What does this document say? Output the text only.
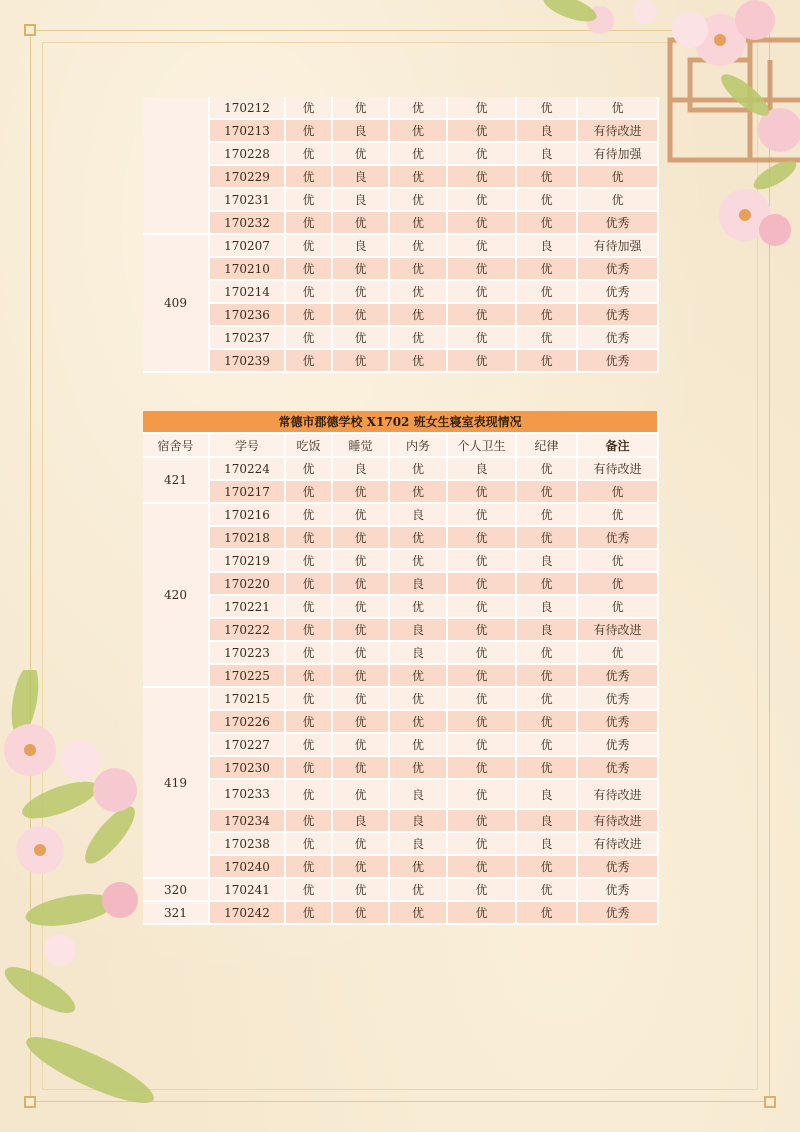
	170212	优	优	优	优	优	优
	170213	优	良	优	优	良	有待改进
	170228	优	优	优	优	良	有待加强
	170229	优	良	优	优	优	优
	170231	优	良	优	优	优	优
	170232	优	优	优	优	优	优秀
409	170207	优	良	优	优	良	有待加强
	170210	优	优	优	优	优	优秀
	170214	优	优	优	优	优	优秀
	170236	优	优	优	优	优	优秀
	170237	优	优	优	优	优	优秀
	170239	优	优	优	优	优	优秀
常德市郡德学校 X1702 班女生寝室表现情况							
宿舍号	学号	吃饭	睡觉	内务	个人卫生	纪律	备注
421	170224	优	良	优	良	优	有待改进
	170217	优	优	优	优	优	优
420	170216	优	优	良	优	优	优
	170218	优	优	优	优	优	优秀
	170219	优	优	优	优	良	优
	170220	优	优	良	优	优	优
	170221	优	优	优	优	良	优
	170222	优	优	良	优	良	有待改进
	170223	优	优	良	优	优	优
	170225	优	优	优	优	优	优秀
419	170215	优	优	优	优	优	优秀
	170226	优	优	优	优	优	优秀
	170227	优	优	优	优	优	优秀
	170230	优	优	优	优	优	优秀
	170233	优	优	良	优	良	有待改进
	170234	优	良	良	优	良	有待改进
	170238	优	优	良	优	良	有待改进
	170240	优	优	优	优	优	优秀
320	170241	优	优	优	优	优	优秀
321	170242	优	优	优	优	优	优秀
